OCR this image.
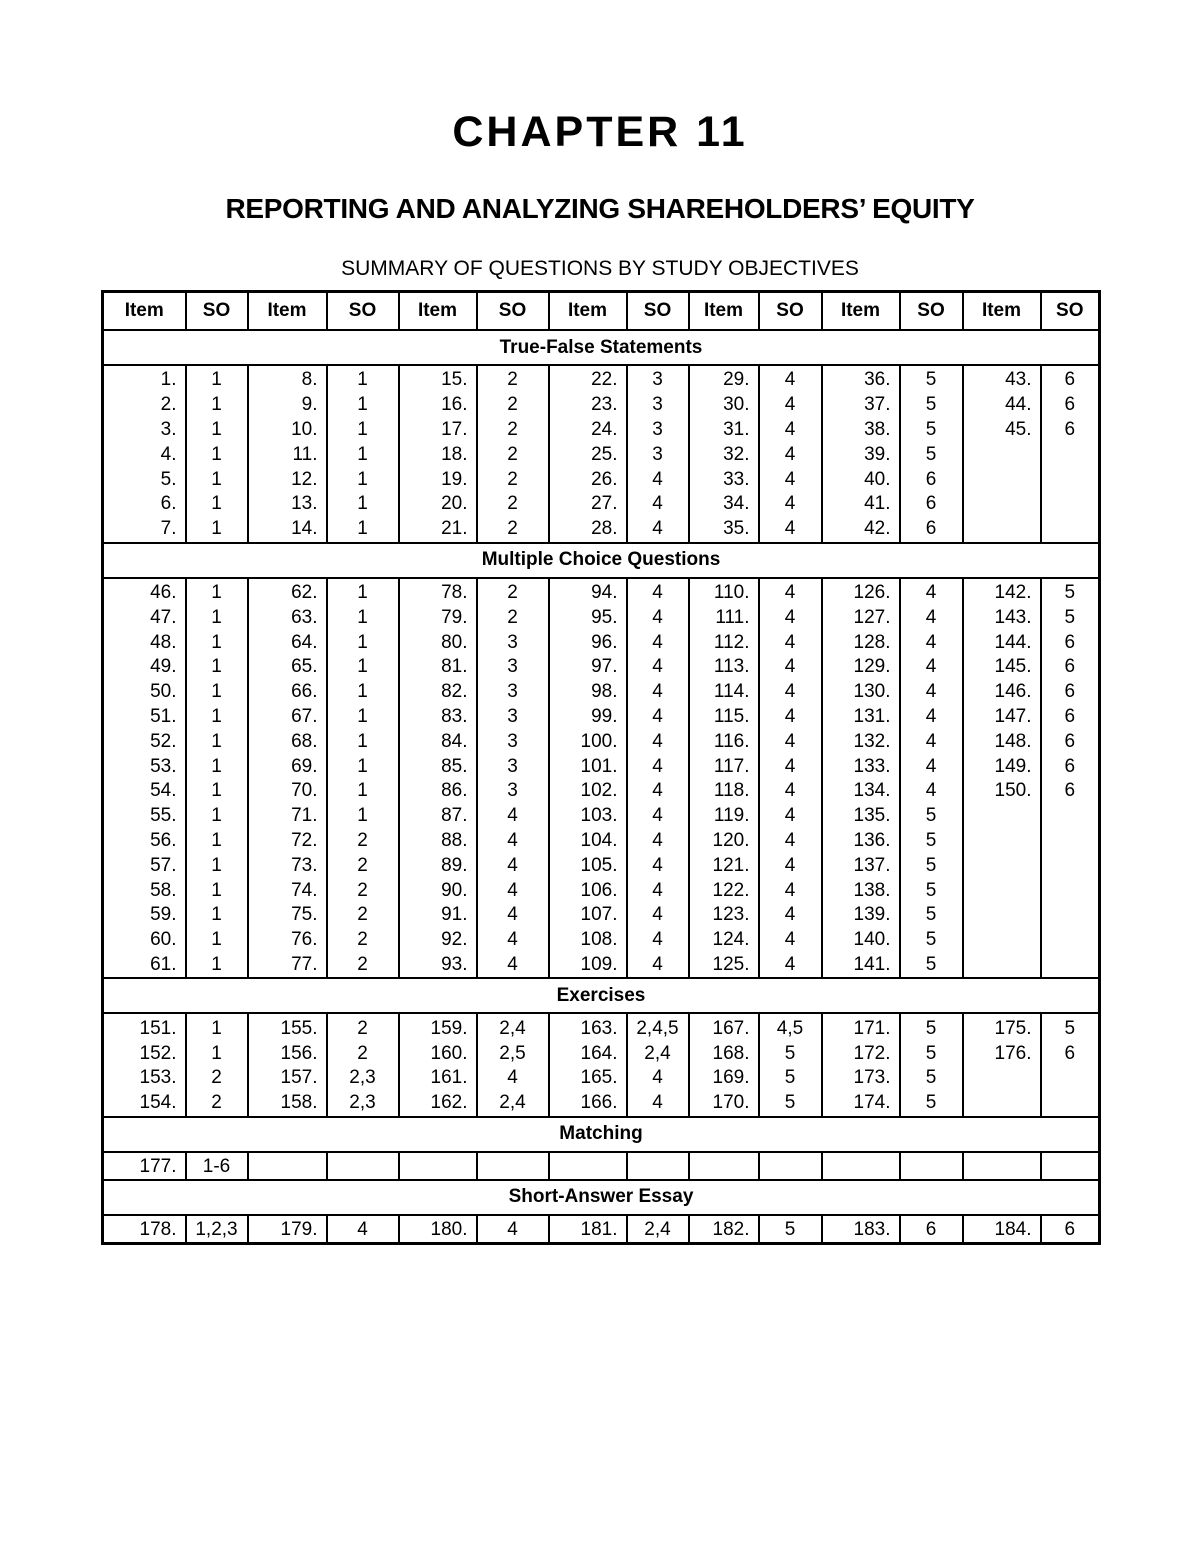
CHAPTER 11
REPORTING AND ANALYZING SHAREHOLDERS’ EQUITY
SUMMARY OF QUESTIONS BY STUDY OBJECTIVES
Item	SO	Item	SO	Item	SO	Item	SO	Item	SO	Item	SO	Item	SO
True-False Statements													
1.	1	8.	1	15.	2	22.	3	29.	4	36.	5	43.	6
2.	1	9.	1	16.	2	23.	3	30.	4	37.	5	44.	6
3.	1	10.	1	17.	2	24.	3	31.	4	38.	5	45.	6
4.	1	11.	1	18.	2	25.	3	32.	4	39.	5		
5.	1	12.	1	19.	2	26.	4	33.	4	40.	6		
6.	1	13.	1	20.	2	27.	4	34.	4	41.	6		
7.	1	14.	1	21.	2	28.	4	35.	4	42.	6		
Multiple Choice Questions													
46.	1	62.	1	78.	2	94.	4	110.	4	126.	4	142.	5
47.	1	63.	1	79.	2	95.	4	111.	4	127.	4	143.	5
48.	1	64.	1	80.	3	96.	4	112.	4	128.	4	144.	6
49.	1	65.	1	81.	3	97.	4	113.	4	129.	4	145.	6
50.	1	66.	1	82.	3	98.	4	114.	4	130.	4	146.	6
51.	1	67.	1	83.	3	99.	4	115.	4	131.	4	147.	6
52.	1	68.	1	84.	3	100.	4	116.	4	132.	4	148.	6
53.	1	69.	1	85.	3	101.	4	117.	4	133.	4	149.	6
54.	1	70.	1	86.	3	102.	4	118.	4	134.	4	150.	6
55.	1	71.	1	87.	4	103.	4	119.	4	135.	5		
56.	1	72.	2	88.	4	104.	4	120.	4	136.	5		
57.	1	73.	2	89.	4	105.	4	121.	4	137.	5		
58.	1	74.	2	90.	4	106.	4	122.	4	138.	5		
59.	1	75.	2	91.	4	107.	4	123.	4	139.	5		
60.	1	76.	2	92.	4	108.	4	124.	4	140.	5		
61.	1	77.	2	93.	4	109.	4	125.	4	141.	5		
Exercises													
151.	1	155.	2	159.	2,4	163.	2,4,5	167.	4,5	171.	5	175.	5
152.	1	156.	2	160.	2,5	164.	2,4	168.	5	172.	5	176.	6
153.	2	157.	2,3	161.	4	165.	4	169.	5	173.	5		
154.	2	158.	2,3	162.	2,4	166.	4	170.	5	174.	5		
Matching													
177.	1-6												
Short-Answer Essay													
178.	1,2,3	179.	4	180.	4	181.	2,4	182.	5	183.	6	184.	6
